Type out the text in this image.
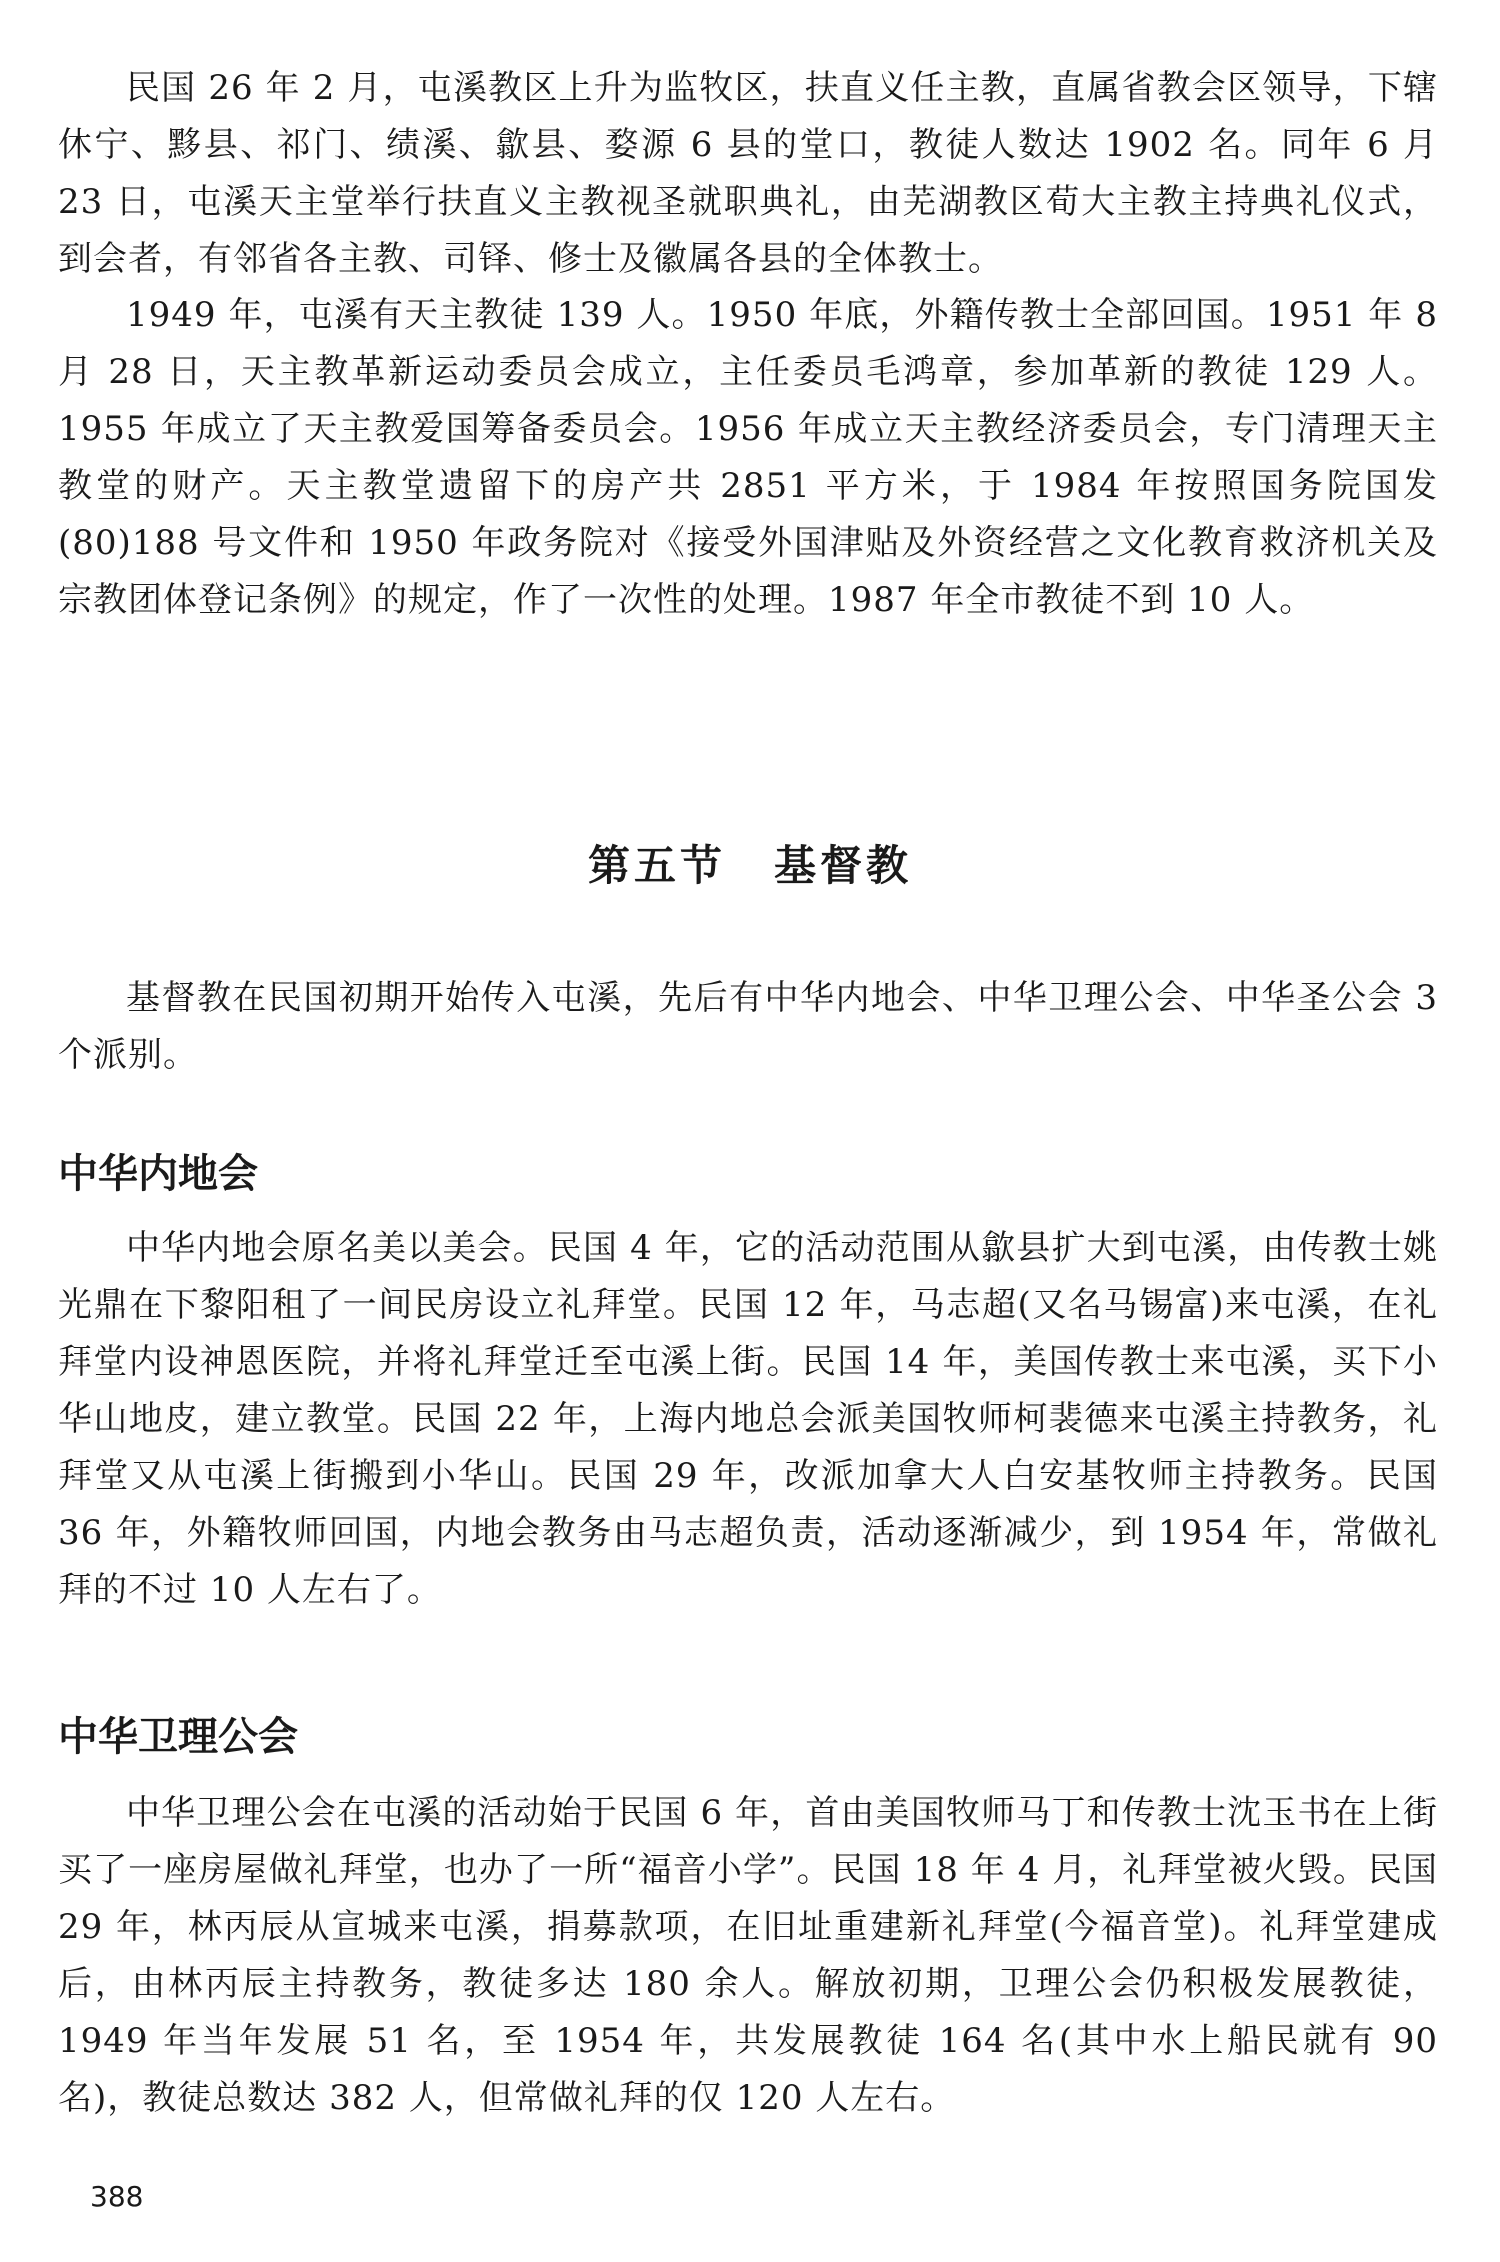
民国 26 年 2 月，屯溪教区上升为监牧区，扶直义任主教，直属省教会区领导，下辖休宁、黟县、祁门、绩溪、歙县、婺源 6 县的堂口，教徒人数达 1902 名。同年 6 月 23 日，屯溪天主堂举行扶直义主教视圣就职典礼，由芜湖教区荀大主教主持典礼仪式，到会者，有邻省各主教、司铎、修士及徽属各县的全体教士。

1949 年，屯溪有天主教徒 139 人。1950 年底，外籍传教士全部回国。1951 年 8 月 28 日，天主教革新运动委员会成立，主任委员毛鸿章，参加革新的教徒 129 人。1955 年成立了天主教爱国筹备委员会。1956 年成立天主教经济委员会，专门清理天主教堂的财产。天主教堂遗留下的房产共 2851 平方米，于 1984 年按照国务院国发(80)188 号文件和 1950 年政务院对《接受外国津贴及外资经营之文化教育救济机关及宗教团体登记条例》的规定，作了一次性的处理。1987 年全市教徒不到 10 人。

第五节 基督教

基督教在民国初期开始传入屯溪，先后有中华内地会、中华卫理公会、中华圣公会 3 个派别。

中华内地会

中华内地会原名美以美会。民国 4 年，它的活动范围从歙县扩大到屯溪，由传教士姚光鼎在下黎阳租了一间民房设立礼拜堂。民国 12 年，马志超(又名马锡富)来屯溪，在礼拜堂内设神恩医院，并将礼拜堂迁至屯溪上街。民国 14 年，美国传教士来屯溪，买下小华山地皮，建立教堂。民国 22 年，上海内地总会派美国牧师柯裴德来屯溪主持教务，礼拜堂又从屯溪上街搬到小华山。民国 29 年，改派加拿大人白安基牧师主持教务。民国 36 年，外籍牧师回国，内地会教务由马志超负责，活动逐渐减少，到 1954 年，常做礼拜的不过 10 人左右了。

中华卫理公会

中华卫理公会在屯溪的活动始于民国 6 年，首由美国牧师马丁和传教士沈玉书在上街买了一座房屋做礼拜堂，也办了一所“福音小学”。民国 18 年 4 月，礼拜堂被火毁。民国 29 年，林丙辰从宣城来屯溪，捐募款项，在旧址重建新礼拜堂(今福音堂)。礼拜堂建成后，由林丙辰主持教务，教徒多达 180 余人。解放初期，卫理公会仍积极发展教徒，1949 年当年发展 51 名，至 1954 年，共发展教徒 164 名(其中水上船民就有 90 名)，教徒总数达 382 人，但常做礼拜的仅 120 人左右。

388
